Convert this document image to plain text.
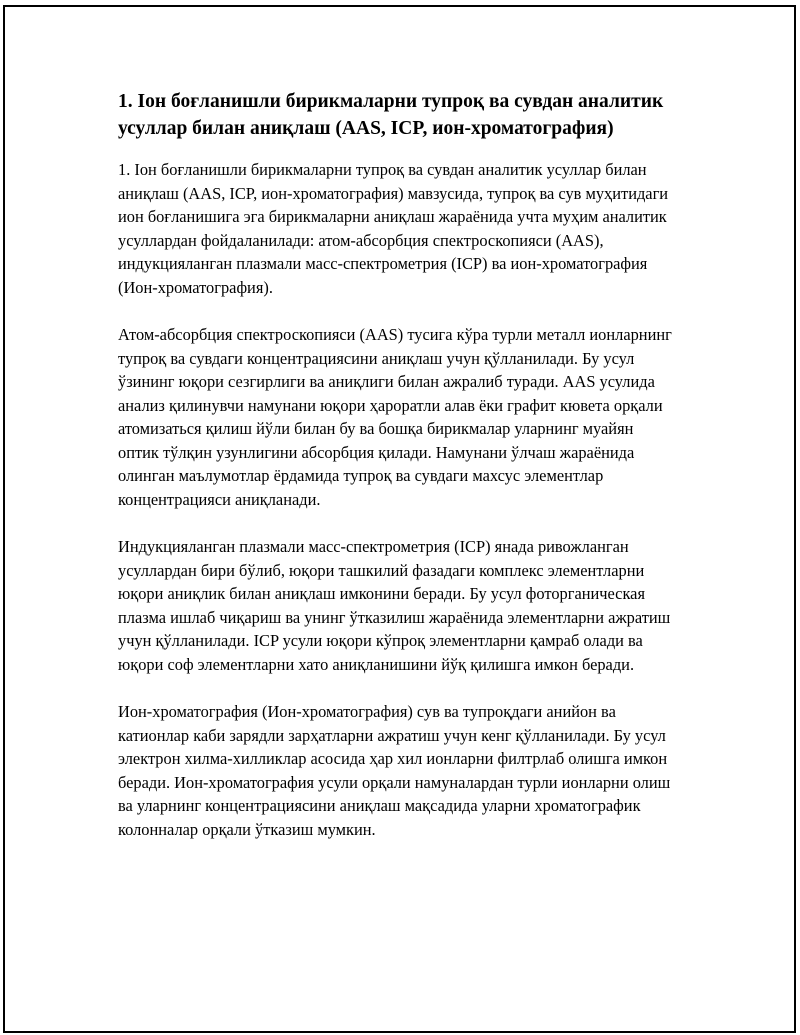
1. Іон боғланишли бирикмаларни тупроқ ва сувдан аналитик усуллар билан аниқлаш (AAS, ICP, ион-хроматография)

1. Іон боғланишли бирикмаларни тупроқ ва сувдан аналитик усуллар билан аниқлаш (AAS, ICP, ион-хроматография) мавзусида, тупроқ ва сув муҳитидаги ион боғланишига эга бирикмаларни аниқлаш жараёнида учта муҳим аналитик усуллардан фойдаланилади: атом-абсорбция спектроскопияси (AAS), индукцияланган плазмали масс-спектрометрия (ICP) ва ион-хроматография (Ион-хроматография).

Атом-абсорбция спектроскопияси (AAS) тусига кўра турли металл ионларнинг тупроқ ва сувдаги концентрациясини аниқлаш учун қўлланилади. Бу усул ўзининг юқори сезгирлиги ва аниқлиги билан ажралиб туради. AAS усулида анализ қилинувчи намунани юқори ҳароратли алав ёки графит кювета орқали атомизаться қилиш йўли билан бу ва бошқа бирикмалар уларнинг муайян оптик тўлқин узунлигини абсорбция қилади. Намунани ўлчаш жараёнида олинган маълумотлар ёрдамида тупроқ ва сувдаги махсус элементлар концентрацияси аниқланади.

Индукцияланган плазмали масс-спектрометрия (ICP) янада ривожланган усуллардан бири бўлиб, юқори ташкилий фазадаги комплекс элементларни юқори аниқлик билан аниқлаш имконини беради. Бу усул фоторганическая плазма ишлаб чиқариш ва унинг ўтказилиш жараёнида элементларни ажратиш учун қўлланилади. ICP усули юқори кўпроқ элементларни қамраб олади ва юқори соф элементларни хато аниқланишини йўқ қилишга имкон беради.

Ион-хроматография (Ион-хроматография) сув ва тупроқдаги анийон ва катионлар каби зарядли зарҳатларни ажратиш учун кенг қўлланилади. Бу усул электрон хилма-хилликлар асосида ҳар хил ионларни филтрлаб олишга имкон беради. Ион-хроматография усули орқали намуналардан турли ионларни олиш ва уларнинг концентрациясини аниқлаш мақсадида уларни хроматографик колонналар орқали ўтказиш мумкин.
